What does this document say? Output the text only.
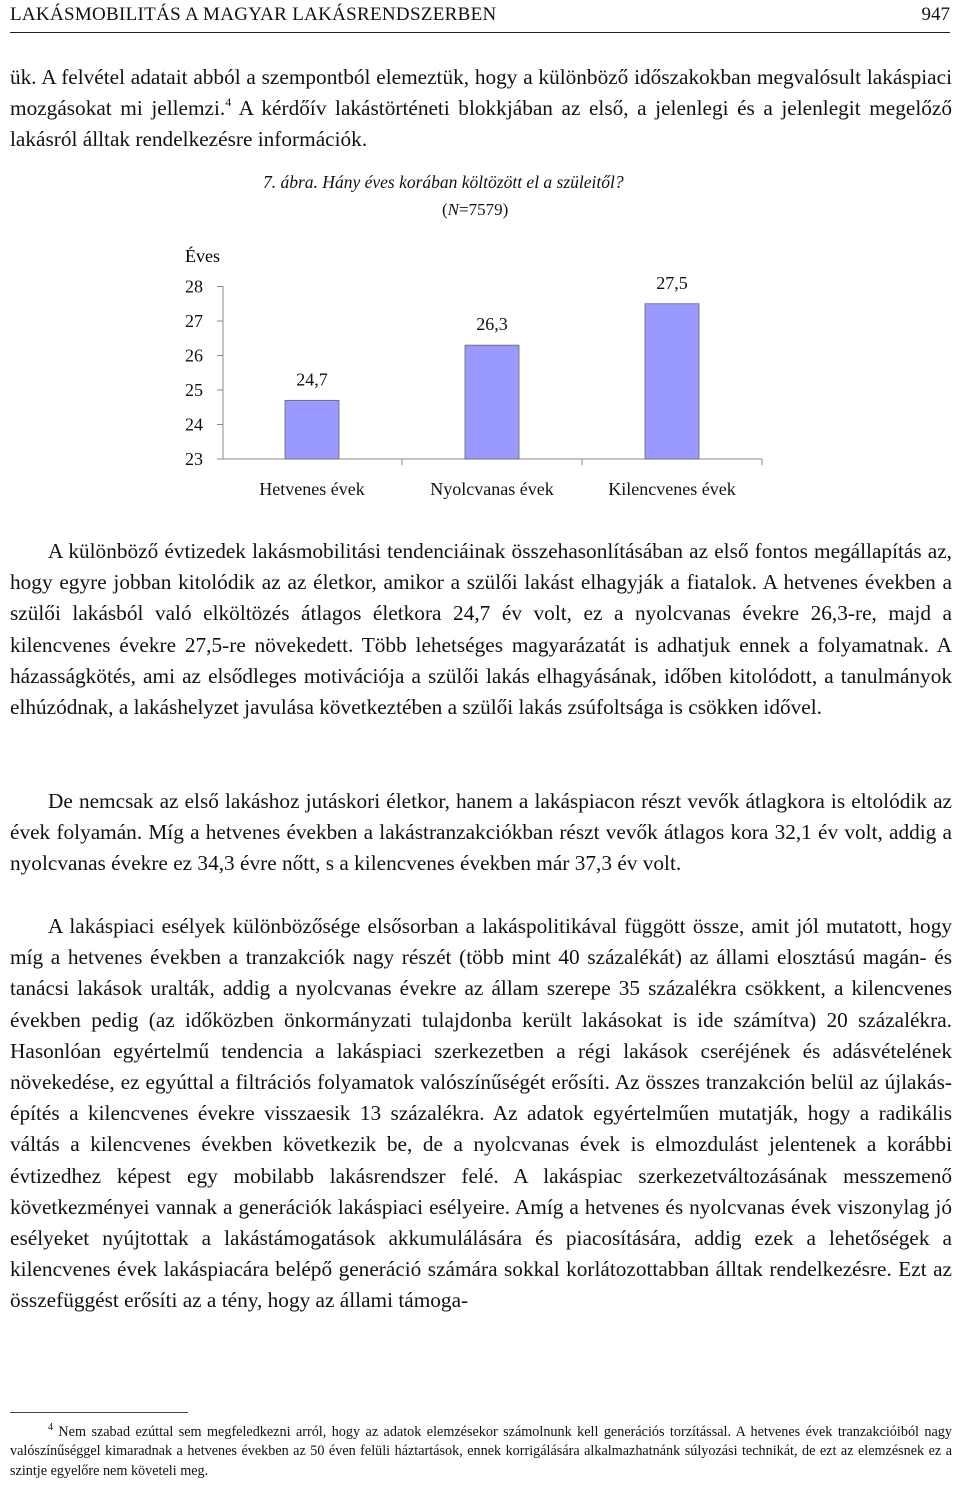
LAKÁSMOBILITÁS A MAGYAR LAKÁSRENDSZERBEN	947

ük. A felvétel adatait abból a szempontból elemeztük, hogy a különböző időszakokban megvalósult lakáspiaci mozgásokat mi jellemzi.$^4$ A kérdőív lakástörténeti blokkjában az első, a jelenlegi és a jelenlegit megelőző lakásról álltak rendelkezésre információk.

7. ábra. Hány éves korában költözött el a szüleitől?
(N=7579)
Éves
28
27
26
25
24
23
24,7
26,3
27,5
Hetvenes évek	Nyolcvanas évek	Kilencvenes évek

A különböző évtizedek lakásmobilitási tendenciáinak összehasonlításában az első fontos megállapítás az, hogy egyre jobban kitolódik az az életkor, amikor a szülői lakást elhagyják a fiatalok. A hetvenes években a szülői lakásból való elköltözés átlagos életkora 24,7 év volt, ez a nyolcvanas évekre 26,3-re, majd a kilencvenes évekre 27,5-re növekedett. Több lehetséges magyarázatát is adhatjuk ennek a folyamatnak. A házasságkötés, ami az elsődleges motivációja a szülői lakás elhagyásának, időben kitolódott, a tanulmányok elhúzódnak, a lakáshelyzet javulása következtében a szülői lakás zsúfoltsága is csökken idővel.

De nemcsak az első lakáshoz jutáskori életkor, hanem a lakáspiacon részt vevők átlagkora is eltolódik az évek folyamán. Míg a hetvenes években a lakástranzakciókban részt vevők átlagos kora 32,1 év volt, addig a nyolcvanas évekre ez 34,3 évre nőtt, s a kilencvenes években már 37,3 év volt.

A lakáspiaci esélyek különbözősége elsősorban a lakáspolitikával függött össze, amit jól mutatott, hogy míg a hetvenes években a tranzakciók nagy részét (több mint 40 százalékát) az állami elosztású magán- és tanácsi lakások uralták, addig a nyolcvanas évekre az állam szerepe 35 százalékra csökkent, a kilencvenes években pedig (az időközben önkormányzati tulajdonba került lakásokat is ide számítva) 20 százalékra. Hasonlóan egyértelmű tendencia a lakáspiaci szerkezetben a régi lakások cseréjének és adásvételének növekedése, ez egyúttal a filtrációs folyamatok valószínűségét erősíti. Az összes tranzakción belül az újlakás-építés a kilencvenes évekre visszaesik 13 százalékra. Az adatok egyértelműen mutatják, hogy a radikális váltás a kilencvenes években következik be, de a nyolcvanas évek is elmozdulást jelentenek a korábbi évtizedhez képest egy mobilabb lakásrendszer felé. A lakáspiac szerkezetváltozásának messzemenő következményei vannak a generációk lakáspiaci esélyeire. Amíg a hetvenes és nyolcvanas évek viszonylag jó esélyeket nyújtottak a lakástámogatások akkumulálására és piacosítására, addig ezek a lehetőségek a kilencvenes évek lakáspiacára belépő generáció számára sokkal korlátozottabban álltak rendelkezésre. Ezt az összefüggést erősíti az a tény, hogy az állami támoga-

$^4$ Nem szabad ezúttal sem megfeledkezni arról, hogy az adatok elemzésekor számolnunk kell generációs torzítással. A hetvenes évek tranzakcióiból nagy valószínűséggel kimaradnak a hetvenes években az 50 éven felüli háztartások, ennek korrigálására alkalmazhatnánk súlyozási technikát, de ezt az elemzésnek ez a szintje egyelőre nem követeli meg.
